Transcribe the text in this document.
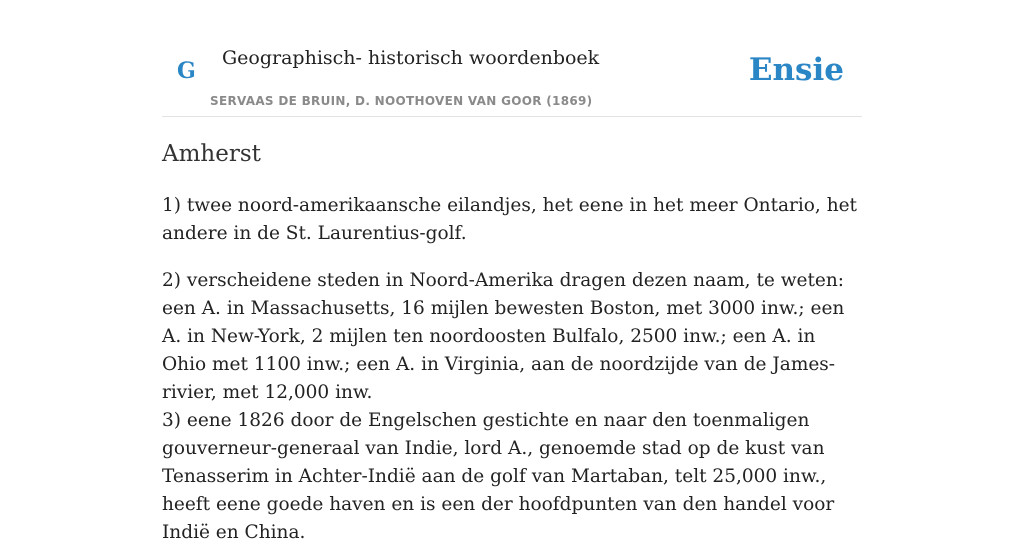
G Geographisch- historisch woordenboek
SERVAAS DE BRUIN, D. NOOTHOVEN VAN GOOR (1869)
Ensie
Amherst

1) twee noord-amerikaansche eilandjes, het eene in het meer Ontario, het andere in de St. Laurentius-golf.

2) verscheidene steden in Noord-Amerika dragen dezen naam, te weten: een A. in Massachusetts, 16 mijlen bewesten Boston, met 3000 inw.; een A. in New-York, 2 mijlen ten noordoosten Bulfalo, 2500 inw.; een A. in Ohio met 1100 inw.; een A. in Virginia, aan de noordzijde van de James-rivier, met 12,000 inw.

3) eene 1826 door de Engelschen gestichte en naar den toenmaligen gouverneur-generaal van Indie, lord A., genoemde stad op de kust van Tenasserim in Achter-Indië aan de golf van Martaban, telt 25,000 inw., heeft eene goede haven en is een der hoofdpunten van den handel voor Indië en China.
